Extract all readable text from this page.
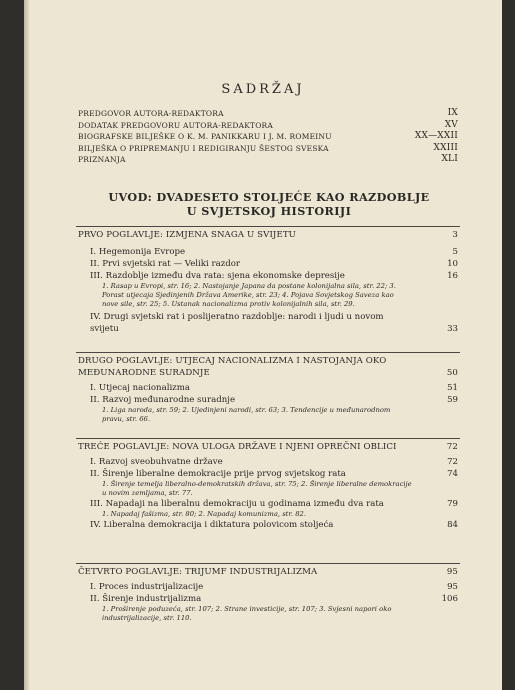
SADRŽAJ
PREDGOVOR AUTORA-REDAKTORA	IX
DODATAK PREDGOVORU AUTORA-REDAKTORA	XV
BIOGRAFSKE BILJEŠKE O K. M. PANIKKARU I J. M. ROMEINU	XX—XXII
BILJEŠKA O PRIPREMANJU I REDIGIRANJU ŠESTOG SVESKA	XXIII
PRIZNANJA	XLI
UVOD: DVADESETO STOLJEĆE KAO RAZDOBLJE
U SVJETSKOJ HISTORIJI
PRVO POGLAVLJE: IZMJENA SNAGA U SVIJETU	3
I. Hegemonija Evrope	5
II. Prvi svjetski rat — Veliki razdor	10
III. Razdoblje između dva rata: sjena ekonomske depresije	16
1. Rasap u Evropi, str. 16; 2. Nastojanje Japana da postane kolonijalna sila, str. 22; 3. Porast utjecaja Sjedinjenih Država Amerike, str. 23; 4. Pojava Sovjetskog Saveza kao nove sile, str. 25; 5. Ustanak nacionalizma protiv kolonijalnih sila, str. 29.
IV. Drugi svjetski rat i poslijeratno razdoblje: narodi i ljudi u novom svijetu	33
DRUGO POGLAVLJE: UTJECAJ NACIONALIZMA I NASTOJANJA OKO MEĐUNARODNE SURADNJE	50
I. Utjecaj nacionalizma	51
II. Razvoj međunarodne suradnje	59
1. Liga naroda, str. 59; 2. Ujedinjeni narodi, str. 63; 3. Tendencije u međunarodnom pravu, str. 66.
TREĆE POGLAVLJE: NOVA ULOGA DRŽAVE I NJENI OPREČNI OBLICI	72
I. Razvoj sveobuhvatne države	72
II. Širenje liberalne demokracije prije prvog svjetskog rata	74
1. Širenje temelja liberalno-demokratskih država, str. 75; 2. Širenje liberalne demokracije u novim zemljama, str. 77.
III. Napadaji na liberalnu demokraciju u godinama između dva rata	79
1. Napadaj fašizma, str. 80; 2. Napadaj komunizma, str. 82.
IV. Liberalna demokracija i diktatura polovicom stoljeća	84
ČETVRTO POGLAVLJE: TRIJUMF INDUSTRIJALIZMA	95
I. Proces industrijalizacije	95
II. Širenje industrijalizma	106
1. Proširenje poduzeća, str. 107; 2. Strane investicije, str. 107; 3. Svjesni napori oko industrijalizacije, str. 110.
